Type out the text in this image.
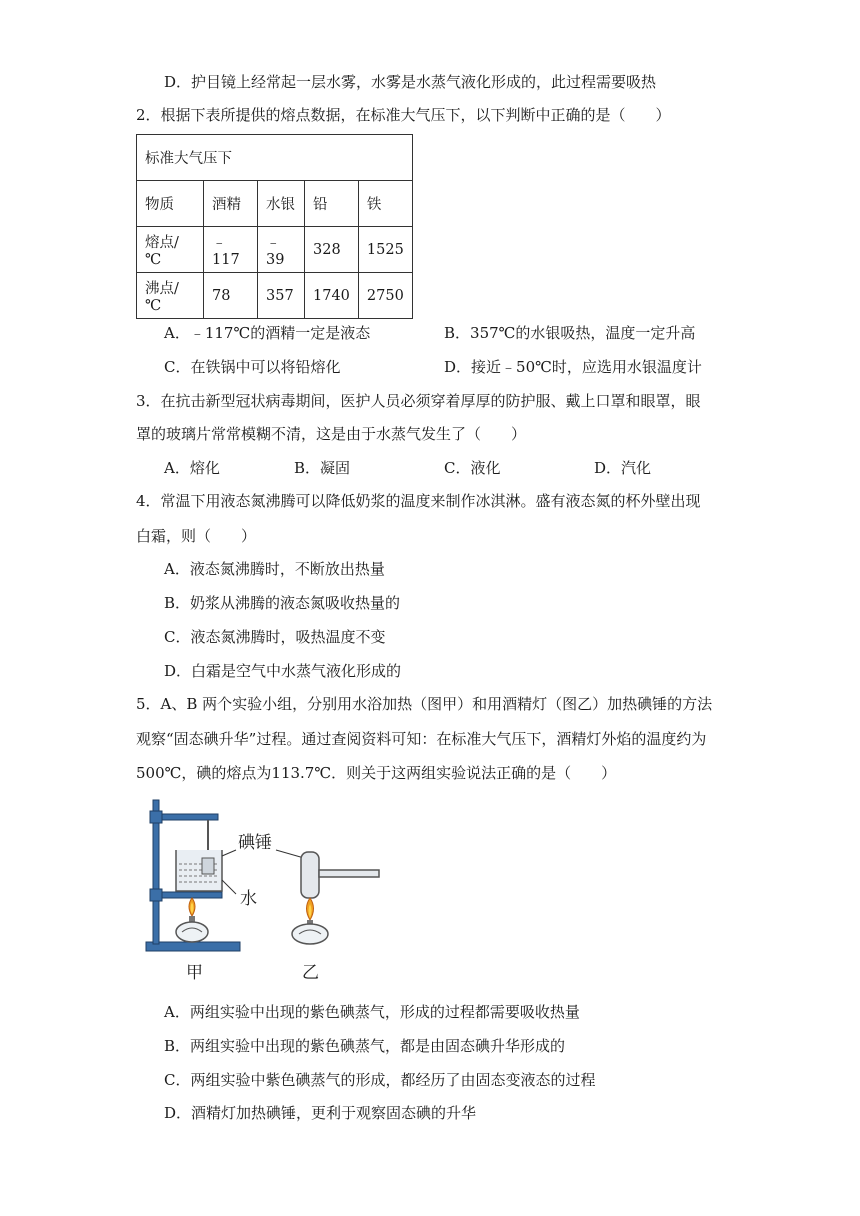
D．护目镜上经常起一层水雾，水雾是水蒸气液化形成的，此过程需要吸热
2．根据下表所提供的熔点数据，在标准大气压下，以下判断中正确的是（　　）
标准大气压下				
物质	酒精	水银	铅	铁
熔点/℃	﹣117	﹣39	328	1525
沸点/℃	78	357	1740	2750
A．﹣117℃的酒精一定是液态	B．357℃的水银吸热，温度一定升高
C．在铁锅中可以将铅熔化	D．接近﹣50℃时，应选用水银温度计
3．在抗击新型冠状病毒期间，医护人员必须穿着厚厚的防护服、戴上口罩和眼罩，眼
罩的玻璃片常常模糊不清，这是由于水蒸气发生了（　　）
A．熔化	B．凝固	C．液化	D．汽化
4．常温下用液态氮沸腾可以降低奶浆的温度来制作冰淇淋。盛有液态氮的杯外壁出现
白霜，则（　　）
A．液态氮沸腾时，不断放出热量
B．奶浆从沸腾的液态氮吸收热量的
C．液态氮沸腾时，吸热温度不变
D．白霜是空气中水蒸气液化形成的
5．A、B 两个实验小组，分别用水浴加热（图甲）和用酒精灯（图乙）加热碘锤的方法
观察“固态碘升华”过程。通过查阅资料可知：在标准大气压下，酒精灯外焰的温度约为
500℃，碘的熔点为113.7℃．则关于这两组实验说法正确的是（　　）
碘锤
水
甲	乙
A．两组实验中出现的紫色碘蒸气，形成的过程都需要吸收热量
B．两组实验中出现的紫色碘蒸气，都是由固态碘升华形成的
C．两组实验中紫色碘蒸气的形成，都经历了由固态变液态的过程
D．酒精灯加热碘锤，更利于观察固态碘的升华
